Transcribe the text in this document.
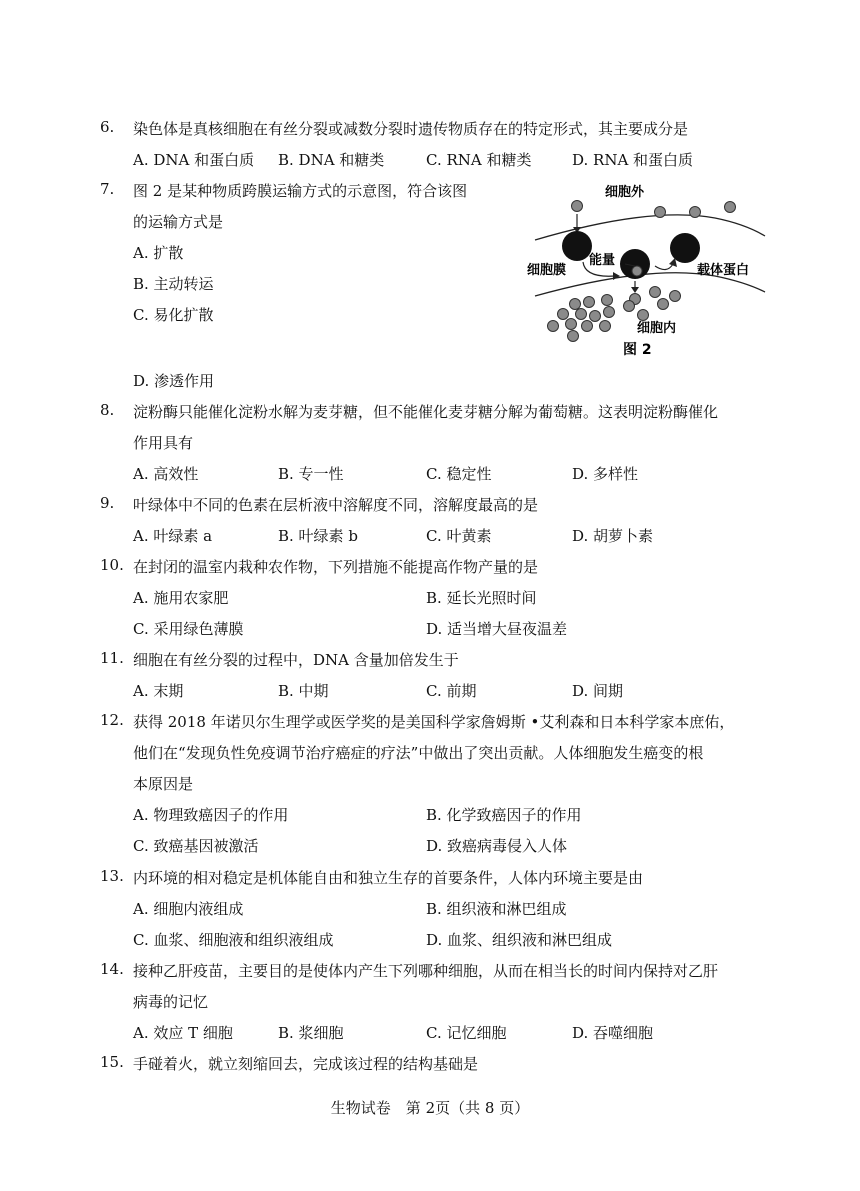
6. 染色体是真核细胞在有丝分裂或减数分裂时遗传物质存在的特定形式，其主要成分是
A. DNA 和蛋白质 B. DNA 和糖类	C. RNA 和糖类	D. RNA 和蛋白质
7. 图 2 是某种物质跨膜运输方式的示意图，符合该图
的运输方式是
A. 扩散
B. 主动转运
C. 易化扩散
D. 渗透作用
细胞外
细胞膜
能量
载体蛋白
细胞内
图 2
8. 淀粉酶只能催化淀粉水解为麦芽糖，但不能催化麦芽糖分解为葡萄糖。这表明淀粉酶催化
作用具有
A. 高效性	B. 专一性	C. 稳定性	D. 多样性
9. 叶绿体中不同的色素在层析液中溶解度不同，溶解度最高的是
A. 叶绿素 a	B. 叶绿素 b	C. 叶黄素	D. 胡萝卜素
10. 在封闭的温室内栽种农作物，下列措施不能提高作物产量的是
A. 施用农家肥	B. 延长光照时间
C. 采用绿色薄膜	D. 适当增大昼夜温差
11. 细胞在有丝分裂的过程中，DNA 含量加倍发生于
A. 末期	B. 中期	C. 前期	D. 间期
12. 获得 2018 年诺贝尔生理学或医学奖的是美国科学家詹姆斯 •艾利森和日本科学家本庶佑，
他们在“发现负性免疫调节治疗癌症的疗法”中做出了突出贡献。人体细胞发生癌变的根
本原因是
A. 物理致癌因子的作用	B. 化学致癌因子的作用
C. 致癌基因被激活	D. 致癌病毒侵入人体
13. 内环境的相对稳定是机体能自由和独立生存的首要条件，人体内环境主要是由
A. 细胞内液组成	B. 组织液和淋巴组成
C. 血浆、细胞液和组织液组成	D. 血浆、组织液和淋巴组成
14. 接种乙肝疫苗，主要目的是使体内产生下列哪种细胞，从而在相当长的时间内保持对乙肝
病毒的记忆
A. 效应 T 细胞	B. 浆细胞	C. 记忆细胞	D. 吞噬细胞
15. 手碰着火，就立刻缩回去，完成该过程的结构基础是
生物试卷　第 2页（共 8 页）
